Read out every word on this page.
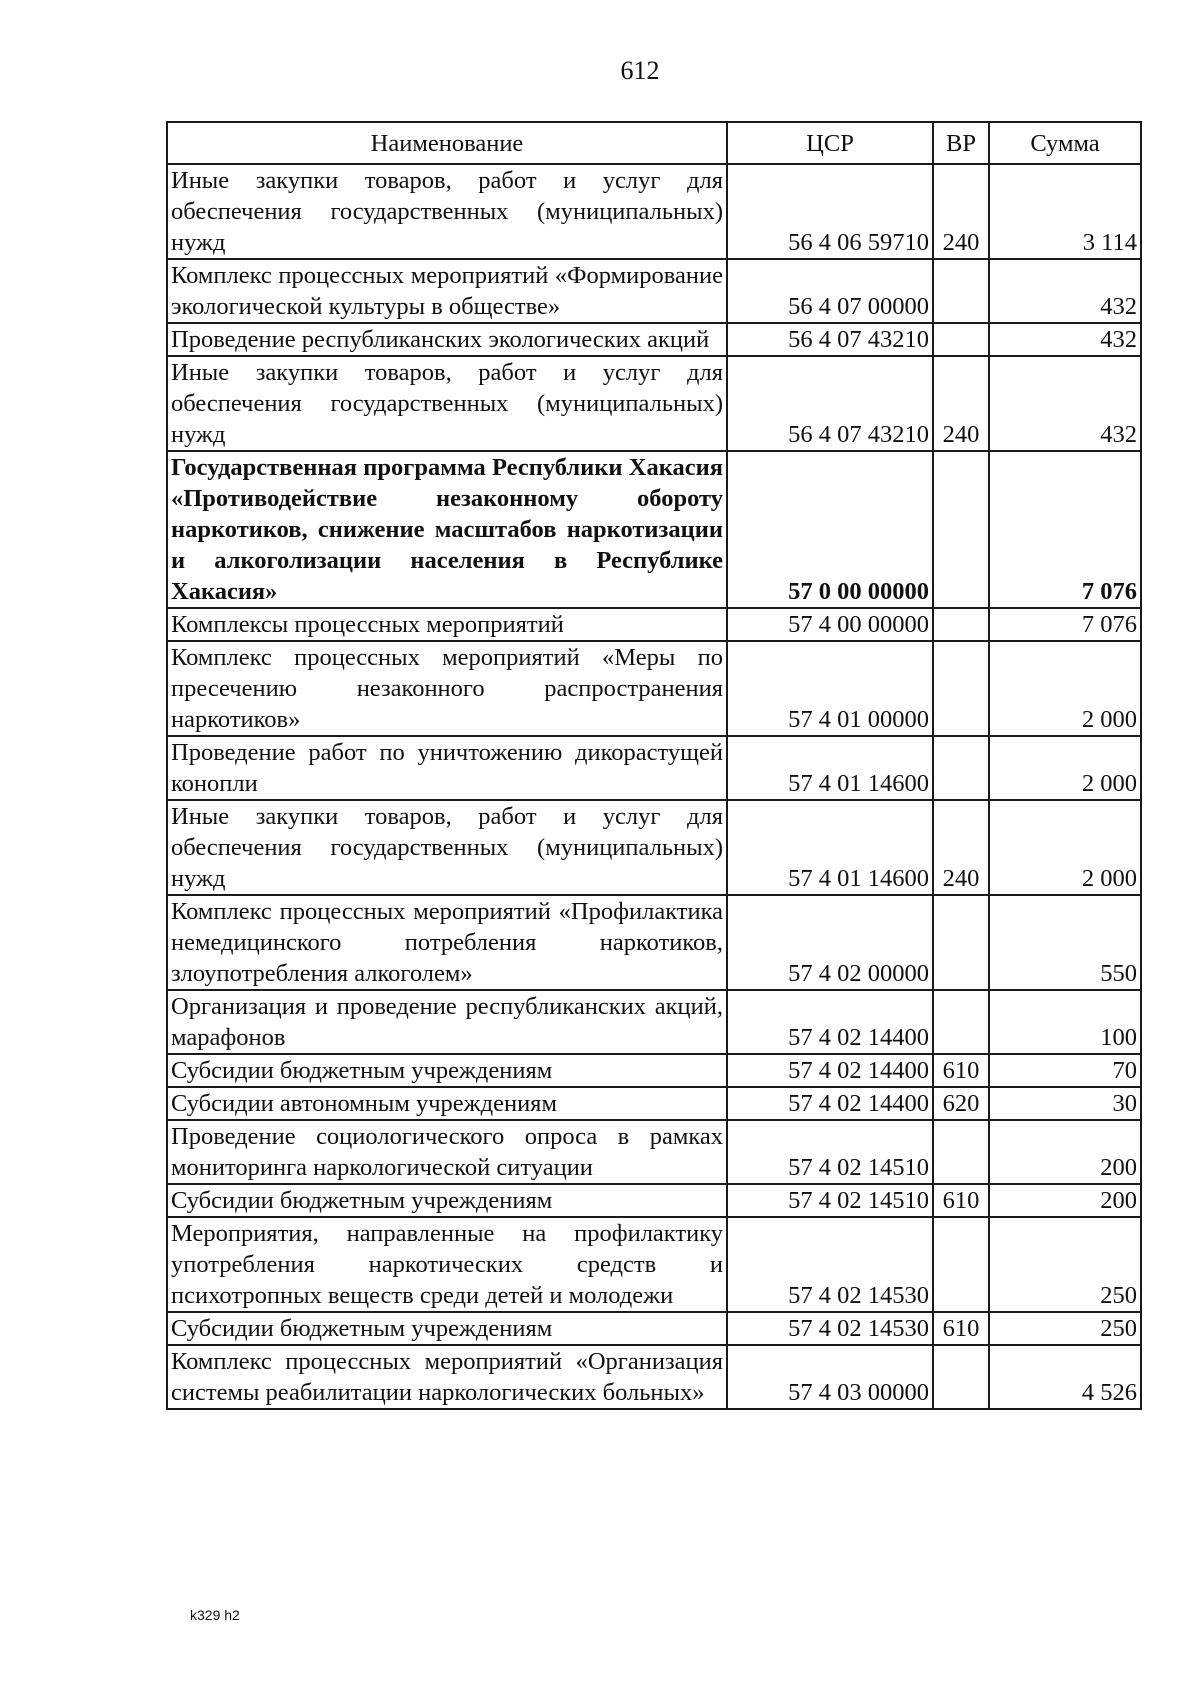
612
Наименование	ЦСР	ВР	Сумма
Иные закупки товаров, работ и услуг для обеспечения государственных (муниципальных) нужд	56 4 06 59710	240	3 114
Комплекс процессных мероприятий «Формирование экологической культуры в обществе»	56 4 07 00000		432
Проведение республиканских экологических акций	56 4 07 43210		432
Иные закупки товаров, работ и услуг для обеспечения государственных (муниципальных) нужд	56 4 07 43210	240	432
Государственная программа Республики Хакасия «Противодействие незаконному обороту наркотиков, снижение масштабов наркотизации и алкоголизации населения в Республике Хакасия»	57 0 00 00000		7 076
Комплексы процессных мероприятий	57 4 00 00000		7 076
Комплекс процессных мероприятий «Меры по пресечению незаконного распространения наркотиков»	57 4 01 00000		2 000
Проведение работ по уничтожению дикорастущей конопли	57 4 01 14600		2 000
Иные закупки товаров, работ и услуг для обеспечения государственных (муниципальных) нужд	57 4 01 14600	240	2 000
Комплекс процессных мероприятий «Профилактика немедицинского потребления наркотиков, злоупотребления алкоголем»	57 4 02 00000		550
Организация и проведение республиканских акций, марафонов	57 4 02 14400		100
Субсидии бюджетным учреждениям	57 4 02 14400	610	70
Субсидии автономным учреждениям	57 4 02 14400	620	30
Проведение социологического опроса в рамках мониторинга наркологической ситуации	57 4 02 14510		200
Субсидии бюджетным учреждениям	57 4 02 14510	610	200
Мероприятия, направленные на профилактику употребления наркотических средств и психотропных веществ среди детей и молодежи	57 4 02 14530		250
Субсидии бюджетным учреждениям	57 4 02 14530	610	250
Комплекс процессных мероприятий «Организация системы реабилитации наркологических больных»	57 4 03 00000		4 526
k329 h2
